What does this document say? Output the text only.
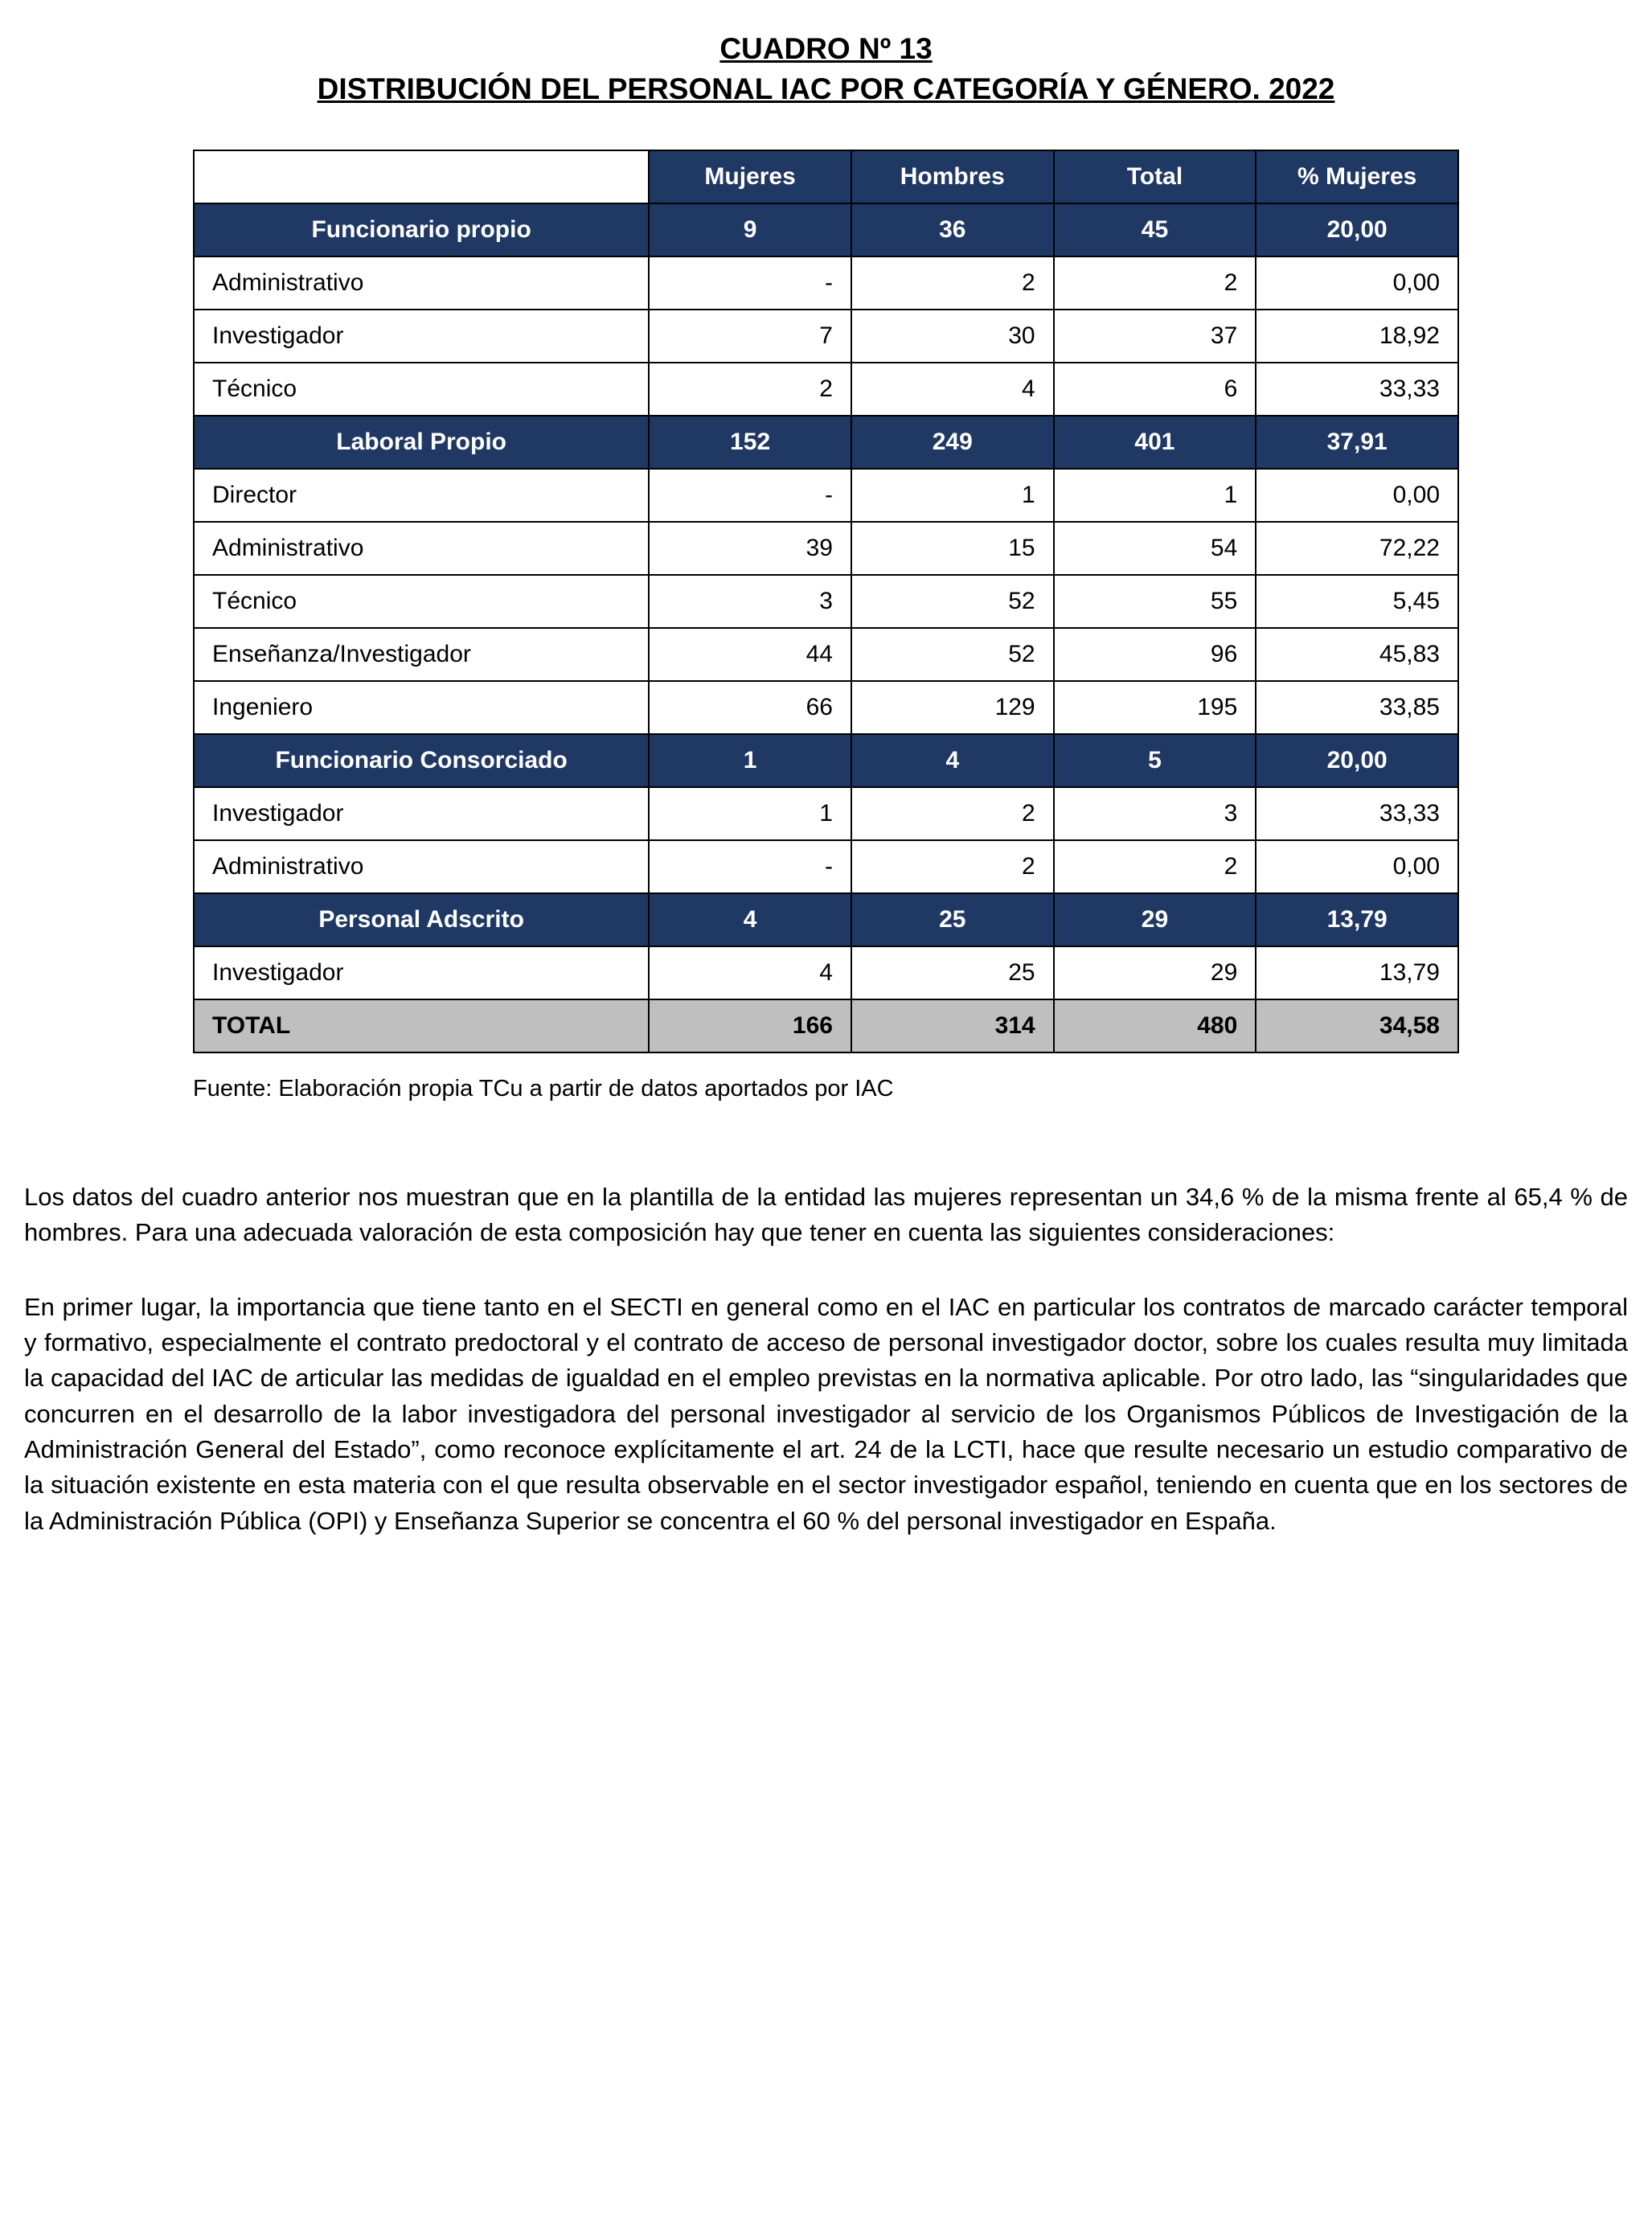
CUADRO Nº 13
DISTRIBUCIÓN DEL PERSONAL IAC POR CATEGORÍA Y GÉNERO. 2022
	Mujeres	Hombres	Total	% Mujeres
Funcionario propio	9	36	45	20,00
Administrativo	-	2	2	0,00
Investigador	7	30	37	18,92
Técnico	2	4	6	33,33
Laboral Propio	152	249	401	37,91
Director	-	1	1	0,00
Administrativo	39	15	54	72,22
Técnico	3	52	55	5,45
Enseñanza/Investigador	44	52	96	45,83
Ingeniero	66	129	195	33,85
Funcionario Consorciado	1	4	5	20,00
Investigador	1	2	3	33,33
Administrativo	-	2	2	0,00
Personal Adscrito	4	25	29	13,79
Investigador	4	25	29	13,79
TOTAL	166	314	480	34,58
Fuente: Elaboración propia TCu a partir de datos aportados por IAC

Los datos del cuadro anterior nos muestran que en la plantilla de la entidad las mujeres representan un 34,6 % de la misma frente al 65,4 % de hombres. Para una adecuada valoración de esta composición hay que tener en cuenta las siguientes consideraciones:

En primer lugar, la importancia que tiene tanto en el SECTI en general como en el IAC en particular los contratos de marcado carácter temporal y formativo, especialmente el contrato predoctoral y el contrato de acceso de personal investigador doctor, sobre los cuales resulta muy limitada la capacidad del IAC de articular las medidas de igualdad en el empleo previstas en la normativa aplicable. Por otro lado, las “singularidades que concurren en el desarrollo de la labor investigadora del personal investigador al servicio de los Organismos Públicos de Investigación de la Administración General del Estado”, como reconoce explícitamente el art. 24 de la LCTI, hace que resulte necesario un estudio comparativo de la situación existente en esta materia con el que resulta observable en el sector investigador español, teniendo en cuenta que en los sectores de la Administración Pública (OPI) y Enseñanza Superior se concentra el 60 % del personal investigador en España.
